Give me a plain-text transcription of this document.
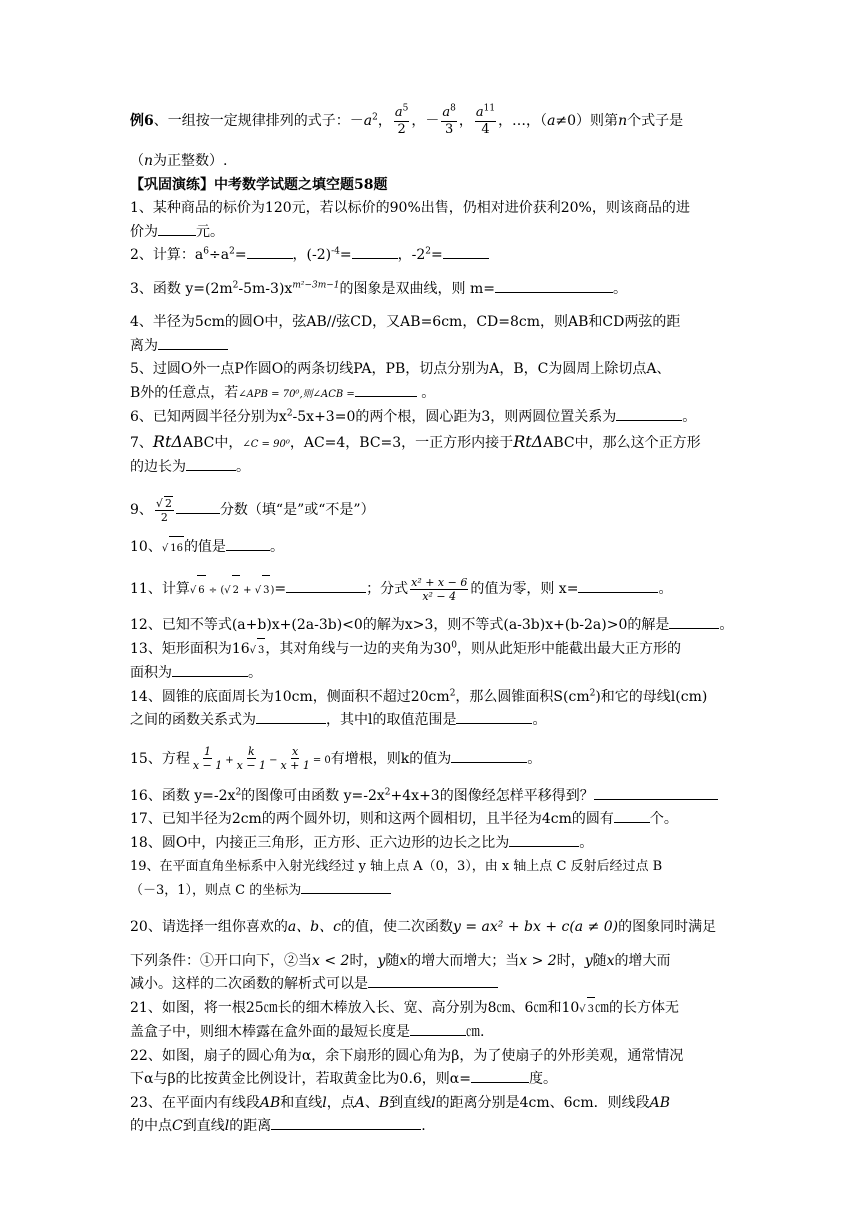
例6、一组按一定规律排列的式子：$-a^2$， $\frac{a^5}{2}$ ，－ $\frac{a^8}{3}$ ， $\frac{a^{11}}{4}$ ，…，（a≠0）则第n个式子是
（n为正整数）.
【巩固演练】中考数学试题之填空题58题
1、某种商品的标价为120元，若以标价的90%出售，仍相对进价获利20%，则该商品的进
价为	元。
2、计算：$a^6\div a^2=$	，$(-2)^{-4}=$	，$-2^2=$
3、函数 $y=(2m^2-5m-3)x^{m^2-3m-1}$的图象是双曲线，则 m=	。
4、半径为5cm的圆O中，弦AB//弦CD，又AB=6cm，CD=8cm，则AB和CD两弦的距
离为
5、过圆O外一点P作圆O的两条切线PA，PB，切点分别为A，B，C为圆周上除切点A、
B外的任意点，若∠APB = 70⁰,则∠ACB =	。
6、已知两圆半径分别为$x^2-5x+3=0$的两个根，圆心距为3，则两圆位置关系为	。
7、RtΔABC中，∠C = 90⁰，AC=4，BC=3，一正方形内接于RtΔABC中，那么这个正方形
的边长为	。
9、 √ $\frac{2}{2}$	分数（填“是”或“不是”）
10、 √ 16的值是	。
11、计算 √ 6 ÷ ( √ 2 + √ 3)=	；分式 $\frac{\text{x² + x − 6}}{\text{x² − 4}}$ 的值为零，则 x=	。
12、已知不等式(a+b)x+(2a-3b)<0的解为x>3，则不等式(a-3b)x+(b-2a)>0的解是	。
13、矩形面积为16 √ 3，其对角线与一边的夹角为$30^0$，则从此矩形中能截出最大正方形的
面积为	。
14、圆锥的底面周长为10cm，侧面积不超过$20cm^2$，那么圆锥面积$S(cm^2)$和它的母线l(cm)
之间的函数关系式为	，其中l的取值范围是	。
15、方程 $\frac{1}{x - 1} + \frac{k}{x - 1} - \frac{x}{x + 1} = 0$有增根，则k的值为	。
16、函数 $y=-2x^2$的图像可由函数 $y=-2x^2+4x+3$的图像经怎样平移得到？
17、已知半径为2cm的两个圆外切，则和这两个圆相切，且半径为4cm的圆有	个。
18、圆O中，内接正三角形，正方形、正六边形的边长之比为	。
19、在平面直角坐标系中入射光线经过 y 轴上点 A（0，3），由 x 轴上点 C 反射后经过点 B
（－3，1），则点 C 的坐标为
20、请选择一组你喜欢的a、b、c的值，使二次函数y = ax² + bx + c(a ≠ 0)的图象同时满足
下列条件：①开口向下，②当x < 2时，y随x的增大而增大；当x > 2时，y随x的增大而
减小。这样的二次函数的解析式可以是
21、如图，将一根25㎝长的细木棒放入长、宽、高分别为8㎝、6㎝和10 √ 3㎝的长方体无
盖盒子中，则细木棒露在盒外面的最短长度是	㎝.
22、如图，扇子的圆心角为α，余下扇形的圆心角为β，为了使扇子的外形美观，通常情况
下α与β的比按黄金比例设计，若取黄金比为0.6，则α=	度。
23、在平面内有线段AB和直线l，点A、B到直线l的距离分别是4cm、6cm．则线段AB
的中点C到直线l的距离	.
